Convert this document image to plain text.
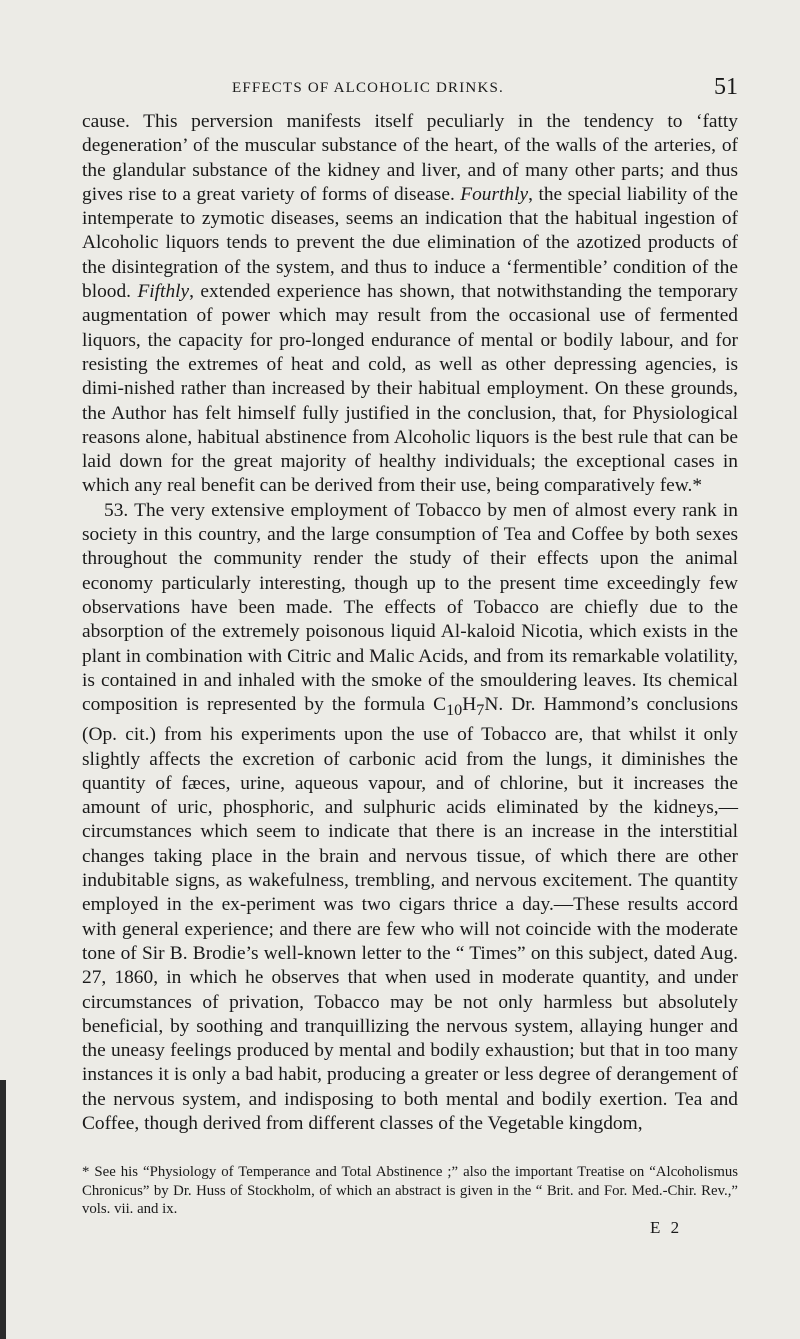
EFFECTS OF ALCOHOLIC DRINKS.	51

cause. This perversion manifests itself peculiarly in the tendency to ‘fatty degeneration’ of the muscular substance of the heart, of the walls of the arteries, of the glandular substance of the kidney and liver, and of many other parts; and thus gives rise to a great variety of forms of disease. Fourthly, the special liability of the intemperate to zymotic diseases, seems an indication that the habitual ingestion of Alcoholic liquors tends to prevent the due elimination of the azotized products of the disintegration of the system, and thus to induce a ‘fermentible’ condition of the blood. Fifthly, extended experience has shown, that notwithstanding the temporary augmentation of power which may result from the occasional use of fermented liquors, the capacity for pro-longed endurance of mental or bodily labour, and for resisting the extremes of heat and cold, as well as other depressing agencies, is dimi-nished rather than increased by their habitual employment. On these grounds, the Author has felt himself fully justified in the conclusion, that, for Physiological reasons alone, habitual abstinence from Alcoholic liquors is the best rule that can be laid down for the great majority of healthy individuals; the exceptional cases in which any real benefit can be derived from their use, being comparatively few.*

53. The very extensive employment of Tobacco by men of almost every rank in society in this country, and the large consumption of Tea and Coffee by both sexes throughout the community render the study of their effects upon the animal economy particularly interesting, though up to the present time exceedingly few observations have been made. The effects of Tobacco are chiefly due to the absorption of the extremely poisonous liquid Al-kaloid Nicotia, which exists in the plant in combination with Citric and Malic Acids, and from its remarkable volatility, is contained in and inhaled with the smoke of the smouldering leaves. Its chemical composition is represented by the formula $C_{10}H_7N$. Dr. Hammond’s conclusions (Op. cit.) from his experiments upon the use of Tobacco are, that whilst it only slightly affects the excretion of carbonic acid from the lungs, it diminishes the quantity of fæces, urine, aqueous vapour, and of chlorine, but it increases the amount of uric, phosphoric, and sulphuric acids eliminated by the kidneys,—circumstances which seem to indicate that there is an increase in the interstitial changes taking place in the brain and nervous tissue, of which there are other indubitable signs, as wakefulness, trembling, and nervous excitement. The quantity employed in the ex-periment was two cigars thrice a day.—These results accord with general experience; and there are few who will not coincide with the moderate tone of Sir B. Brodie’s well-known letter to the “ Times” on this subject, dated Aug. 27, 1860, in which he observes that when used in moderate quantity, and under circumstances of privation, Tobacco may be not only harmless but absolutely beneficial, by soothing and tranquillizing the nervous system, allaying hunger and the uneasy feelings produced by mental and bodily exhaustion; but that in too many instances it is only a bad habit, producing a greater or less degree of derangement of the nervous system, and indisposing to both mental and bodily exertion. Tea and Coffee, though derived from different classes of the Vegetable kingdom,

* See his “Physiology of Temperance and Total Abstinence ;” also the important Treatise on “Alcoholismus Chronicus” by Dr. Huss of Stockholm, of which an abstract is given in the “ Brit. and For. Med.-Chir. Rev.,” vols. vii. and ix.

E 2
